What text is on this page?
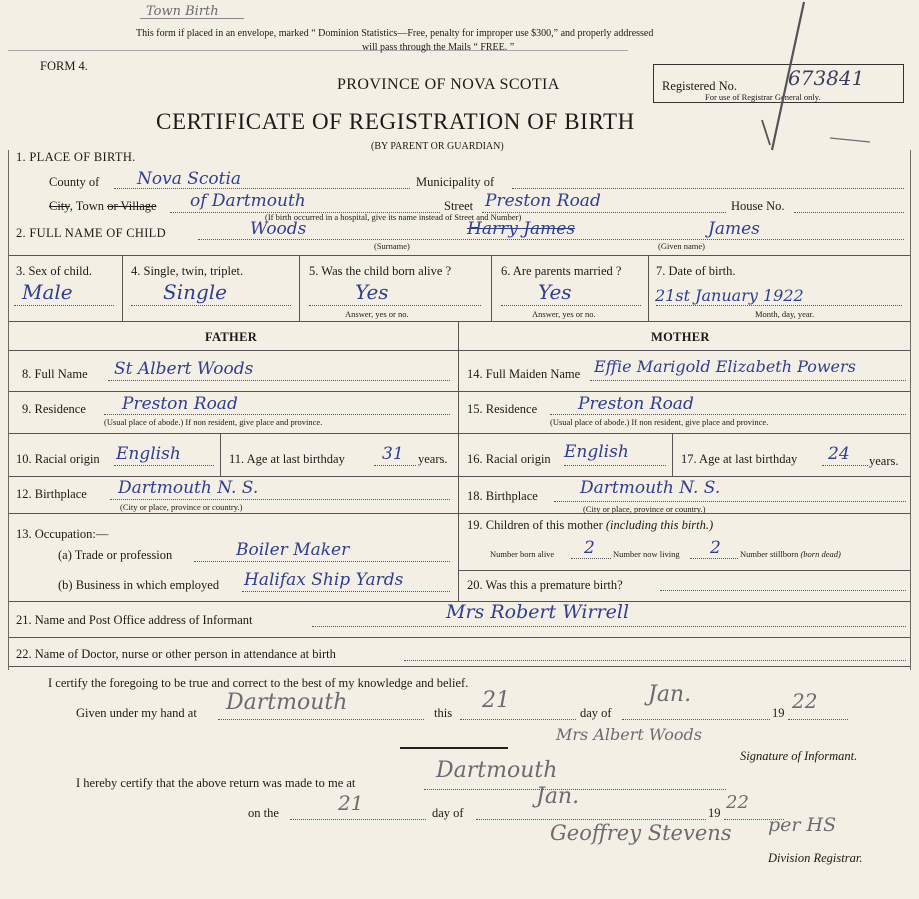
Town Birth
This form if placed in an envelope, marked “ Dominion Statistics—Free, penalty for improper use $300,” and properly addressed
will pass through the Mails “ FREE. ”
FORM 4.
PROVINCE OF NOVA SCOTIA	Registered No.	673841
For use of Registrar General only.
CERTIFICATE OF REGISTRATION OF BIRTH
(BY PARENT OR GUARDIAN)
1. PLACE OF BIRTH.
County of Nova Scotia	Municipality of
City, Town or Village of Dartmouth	Street Preston Road	House No.
(If birth occurred in a hospital, give its name instead of Street and Number)
2. FULL NAME OF CHILD	Woods
(Surname)
Harry James	James
(Given name)
3. Sex of child.
Male
4. Single, twin, triplet.
Single
5. Was the child born alive ?
Yes
Answer, yes or no.
6. Are parents married ?
Yes
Answer, yes or no.
7. Date of birth.
21st January 1922
Month, day, year.
FATHER	MOTHER
8. Full Name St Albert Woods	14. Full Maiden Name Effie Marigold Elizabeth Powers
9. Residence Preston Road
(Usual place of abode.) If non resident, give place and province.
15. Residence Preston Road
(Usual place of abode.) If non resident, give place and province.
10. Racial origin English	11. Age at last birthday 31 years. 16. Racial origin English	17. Age at last birthday 24 years.
12. Birthplace Dartmouth N. S.
(City or place, province or country.)
18. Birthplace Dartmouth N. S.
(City or place, province or country.)
13. Occupation:—
(a) Trade or profession	Boiler Maker
(b) Business in which employed Halifax Ship Yards
19. Children of this mother (including this birth.)
Number born alive 2 Number now living 2 Number stillborn (born dead)
20. Was this a premature birth?
21. Name and Post Office address of Informant	Mrs Robert Wirrell
22. Name of Doctor, nurse or other person in attendance at birth
I certify the foregoing to be true and correct to the best of my knowledge and belief.
Given under my hand at Dartmouth	this 21	day of
Jan.
19 22
Mrs Albert Woods
Signature of Informant.
I hereby certify that the above return was made to me at	Dartmouth
on the	21	day of
Jan.
19 22
Geoffrey Stevens per HS
Division Registrar.
